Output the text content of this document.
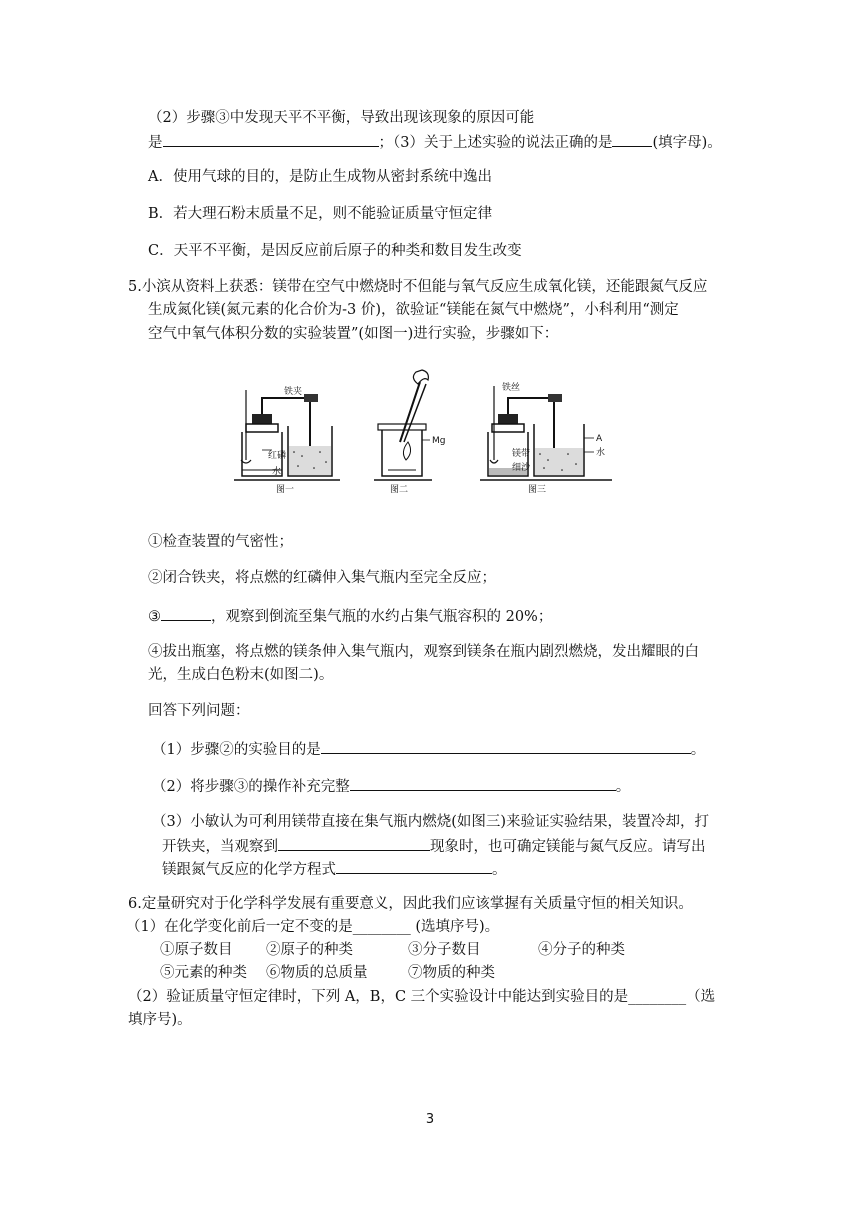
（2）步骤③中发现天平不平衡，导致出现该现象的原因可能
是	；（3）关于上述实验的说法正确的是	(填字母)。
A．使用气球的目的，是防止生成物从密封系统中逸出
B．若大理石粉末质量不足，则不能验证质量守恒定律
C．天平不平衡，是因反应前后原子的种类和数目发生改变
5.小滨从资料上获悉：镁带在空气中燃烧时不但能与氧气反应生成氧化镁，还能跟氮气反应
生成氮化镁(氮元素的化合价为-3 价)，欲验证“镁能在氮气中燃烧”，小科利用“测定
空气中氧气体积分数的实验装置”(如图一)进行实验，步骤如下：
铁夹
红磷
水
图一
Mg
图二
铁丝
镁带
细沙
A
水
图三
①检查装置的气密性；
②闭合铁夹，将点燃的红磷伸入集气瓶内至完全反应；
③	，观察到倒流至集气瓶的水约占集气瓶容积的 20%；
④拔出瓶塞，将点燃的镁条伸入集气瓶内，观察到镁条在瓶内剧烈燃烧，发出耀眼的白
光，生成白色粉末(如图二)。
回答下列问题：
（1）步骤②的实验目的是	。
（2）将步骤③的操作补充完整	。
（3）小敏认为可利用镁带直接在集气瓶内燃烧(如图三)来验证实验结果，装置冷却，打
开铁夹，当观察到	现象时，也可确定镁能与氮气反应。请写出
镁跟氮气反应的化学方程式	。
6.定量研究对于化学科学发展有重要意义，因此我们应该掌握有关质量守恒的相关知识。
（1）在化学变化前后一定不变的是________ (选填序号)。
①原子数目 ②原子的种类	③分子数目	④分子的种类
⑤元素的种类 ⑥物质的总质量	⑦物质的种类
（2）验证质量守恒定律时，下列 A，B，C 三个实验设计中能达到实验目的是________（选
填序号)。
3
